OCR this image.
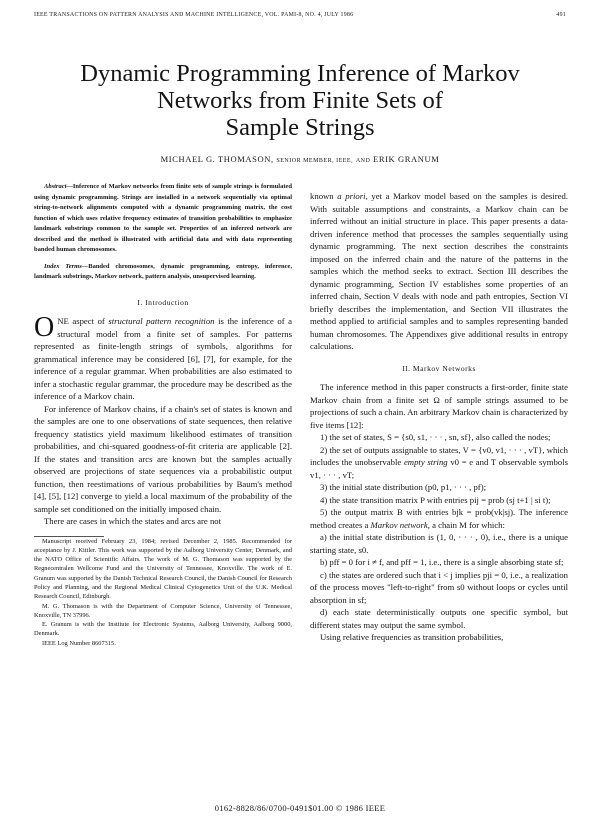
IEEE TRANSACTIONS ON PATTERN ANALYSIS AND MACHINE INTELLIGENCE, VOL. PAMI-8, NO. 4, JULY 1986	491
Dynamic Programming Inference of Markov
Networks from Finite Sets of
Sample Strings
MICHAEL G. THOMASON, SENIOR MEMBER, IEEE, AND ERIK GRANUM

Abstract—Inference of Markov networks from finite sets of sample strings is formulated using dynamic programming. Strings are installed in a network sequentially via optimal string-to-network alignments computed with a dynamic programming matrix, the cost function of which uses relative frequency estimates of transition probabilities to emphasize landmark substrings common to the sample set. Properties of an inferred network are described and the method is illustrated with artificial data and with data representing banded human chromosomes.

Index Terms—Banded chromosomes, dynamic programming, entropy, inference, landmark substrings, Markov network, pattern analysis, unsupervised learning.

I. Introduction

ONE aspect of structural pattern recognition is the inference of a structural model from a finite set of samples. For patterns represented as finite-length strings of symbols, algorithms for grammatical inference may be considered [6], [7], for example, for the inference of a regular grammar. When probabilities are also estimated to infer a stochastic regular grammar, the procedure may be described as the inference of a Markov chain.

For inference of Markov chains, if a chain's set of states is known and the samples are one to one observations of state sequences, then relative frequency statistics yield maximum likelihood estimates of transition probabilities, and chi-squared goodness-of-fit criteria are applicable [2]. If the states and transition arcs are known but the samples actually observed are projections of state sequences via a probabilistic output function, then reestimations of various probabilities by Baum's method [4], [5], [12] converge to yield a local maximum of the probability of the sample set conditioned on the initially imposed chain.

There are cases in which the states and arcs are not

Manuscript received February 23, 1984; revised December 2, 1985. Recommended for acceptance by J. Kittler. This work was supported by the Aalborg University Center, Denmark, and the NATO Office of Scientific Affairs. The work of M. G. Thomason was supported by the Regnecentralen Wellcome Fund and the University of Tennessee, Knoxville. The work of E. Granum was supported by the Danish Technical Research Council, the Danish Council for Research Policy and Planning, and the Regional Medical Clinical Cytogenetics Unit of the U.K. Medical Research Council, Edinburgh.

M. G. Thomason is with the Department of Computer Science, University of Tennessee, Knoxville, TN 37996.

E. Granum is with the Institute for Electronic Systems, Aalborg University, Aalborg 9000, Denmark.

IEEE Log Number 8607315.

known a priori, yet a Markov model based on the samples is desired. With suitable assumptions and constraints, a Markov chain can be inferred without an initial structure in place. This paper presents a data-driven inference method that processes the samples sequentially using dynamic programming. The next section describes the constraints imposed on the inferred chain and the nature of the patterns in the samples which the method seeks to extract. Section III describes the dynamic programming, Section IV establishes some properties of an inferred chain, Section V deals with node and path entropies, Section VI briefly describes the implementation, and Section VII illustrates the method applied to artificial samples and to samples representing banded human chromosomes. The Appendixes give additional results in entropy calculations.

II. Markov Networks

The inference method in this paper constructs a first-order, finite state Markov chain from a finite set Ω of sample strings assumed to be projections of such a chain. An arbitrary Markov chain is characterized by five items [12]:

1) the set of states, S = {s0, s1, · · · , sn, sf}, also called the nodes;

2) the set of outputs assignable to states, V = {v0, v1, · · · , vT}, which includes the unobservable empty string v0 = e and T observable symbols v1, · · · , vT;

3) the initial state distribution (p0, p1, · · · , pf);

4) the state transition matrix P with entries pij = prob (sj t+1 | si t);

5) the output matrix B with entries bjk = prob(vk|sj). The inference method creates a Markov network, a chain M for which:

a) the initial state distribution is (1, 0, · · · , 0), i.e., there is a unique starting state, s0.

b) pff = 0 for i ≠ f, and pff = 1, i.e., there is a single absorbing state sf;

c) the states are ordered such that i < j implies pji = 0, i.e., a realization of the process moves "left-to-right" from s0 without loops or cycles until absorption in sf;

d) each state deterministically outputs one specific symbol, but different states may output the same symbol.

Using relative frequencies as transition probabilities,

0162-8828/86/0700-0491$01.00 © 1986 IEEE
